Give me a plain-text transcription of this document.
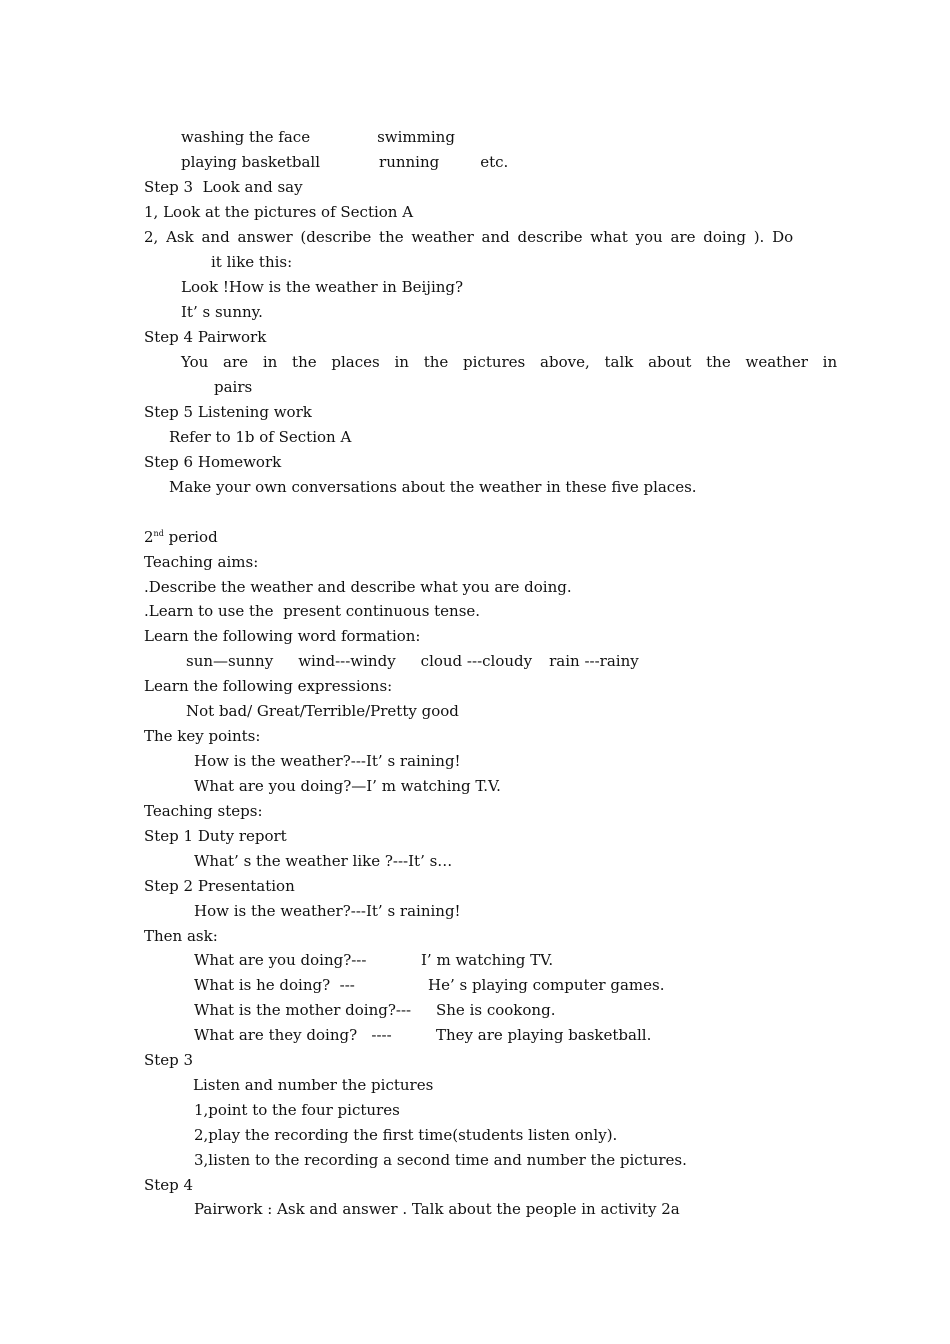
washing the face	swimming
playing basketball	running	etc.
Step 3  Look and say
1, Look at the pictures of Section A
2, Ask and answer (describe the weather and describe what you are doing ). Do
it like this:
Look !How is the weather in Beijing?
It’ s sunny.
Step 4 Pairwork
You are in the places in the pictures above, talk about the weather in
pairs
Step 5 Listening work
Refer to 1b of Section A
Step 6 Homework
Make your own conversations about the weather in these five places.
2nd period
Teaching aims:
.Describe the weather and describe what you are doing.
.Learn to use the  present continuous tense.
Learn the following word formation:
sun—sunny wind---windy cloud ---cloudy rain ---rainy
Learn the following expressions:
Not bad/ Great/Terrible/Pretty good
The key points:
How is the weather?---It’ s raining!
What are you doing?—I’ m watching T.V.
Teaching steps:
Step 1 Duty report
What’ s the weather like ?---It’ s…
Step 2 Presentation
How is the weather?---It’ s raining!
Then ask:
What are you doing?---	I’ m watching TV.
What is he doing?  ---	He’ s playing computer games.
What is the mother doing?--- She is cookong.
What are they doing?   ----	They are playing basketball.
Step 3
Listen and number the pictures
1,point to the four pictures
2,play the recording the first time(students listen only).
3,listen to the recording a second time and number the pictures.
Step 4
Pairwork : Ask and answer . Talk about the people in activity 2a
